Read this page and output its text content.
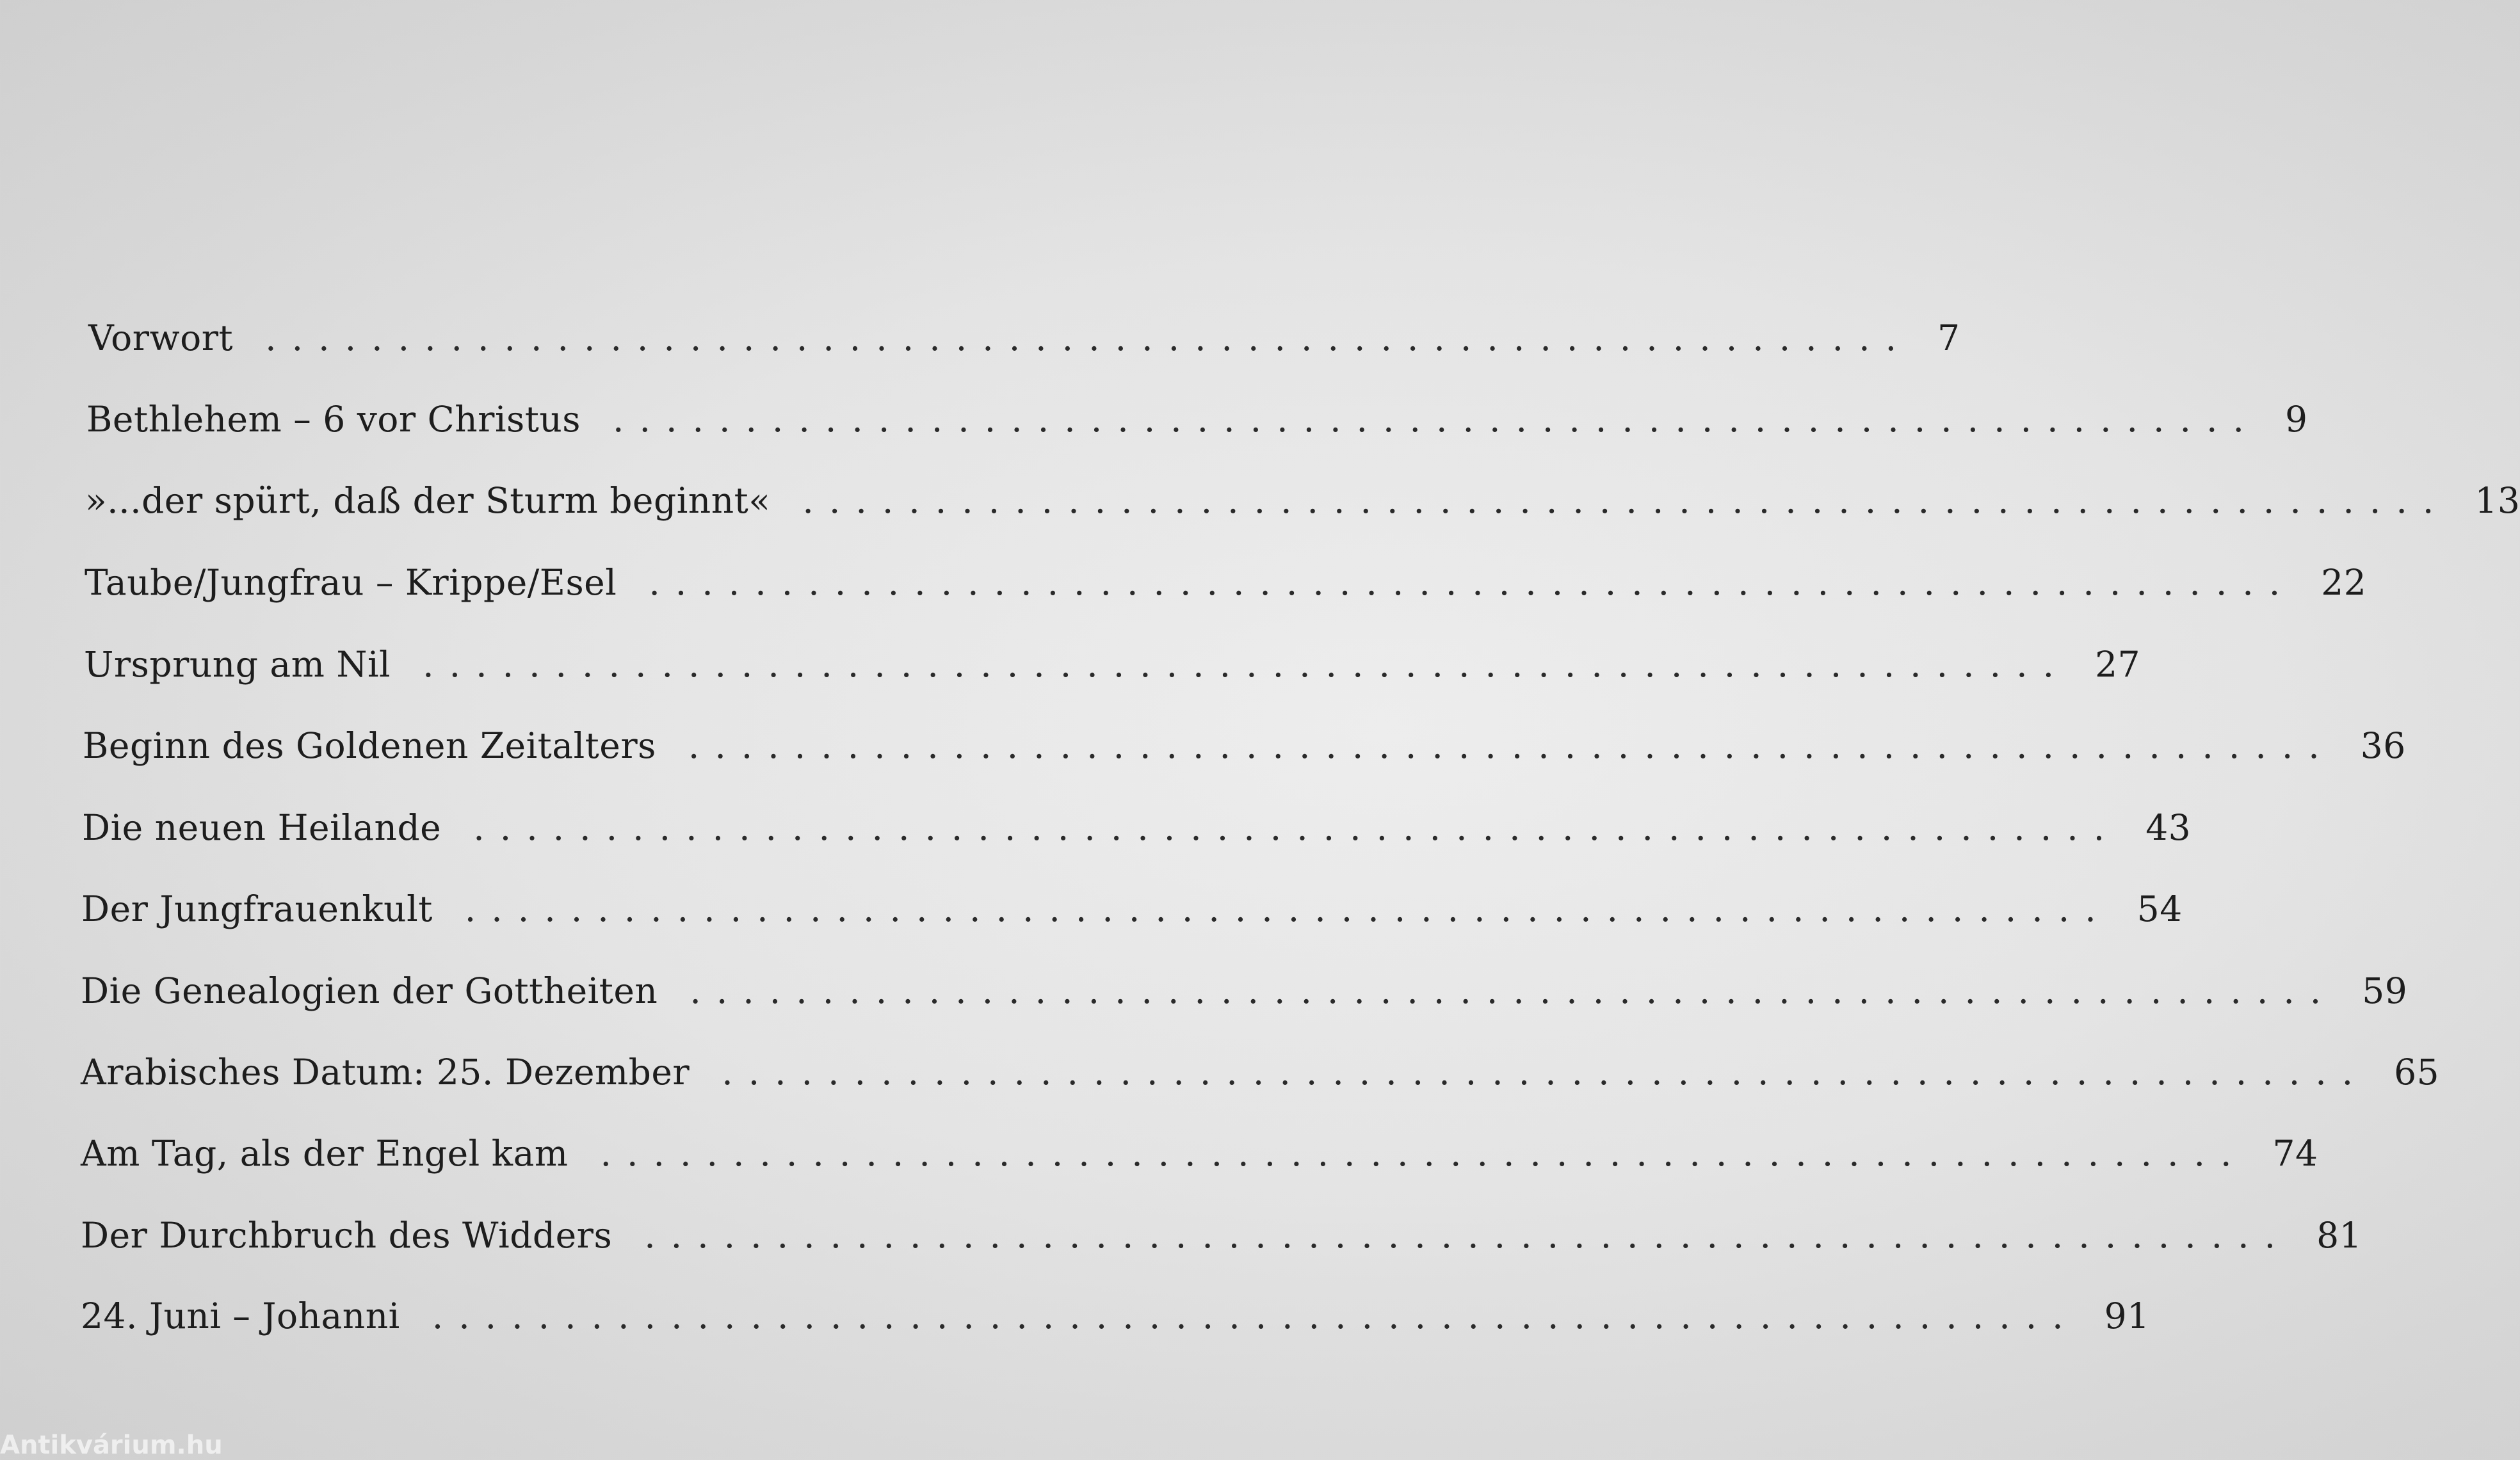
Vorwort .............................................................. 7
Bethlehem – 6 vor Christus .............................................................. 9
»...der spürt, daß der Sturm beginnt« .............................................................. 13
Taube/Jungfrau – Krippe/Esel .............................................................. 22
Ursprung am Nil .............................................................. 27
Beginn des Goldenen Zeitalters .............................................................. 36
Die neuen Heilande .............................................................. 43
Der Jungfrauenkult .............................................................. 54
Die Genealogien der Gottheiten .............................................................. 59
Arabisches Datum: 25. Dezember .............................................................. 65
Am Tag, als der Engel kam .............................................................. 74
Der Durchbruch des Widders .............................................................. 81
24. Juni – Johanni .............................................................. 91
Antikvárium.hu
